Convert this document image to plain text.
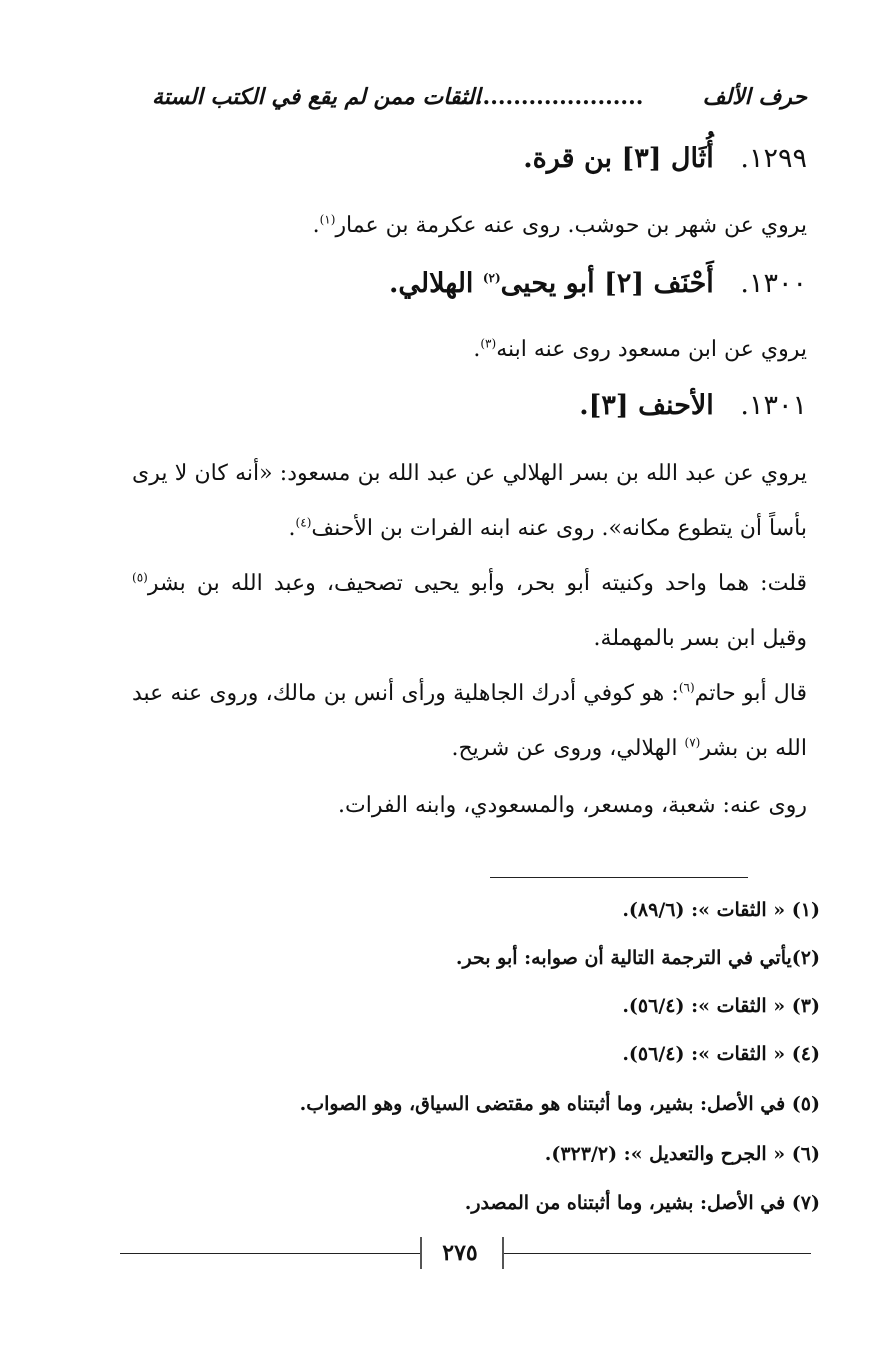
حرف الألف
........................
الثقات ممن لم يقع في الكتب الستة
١٢٩٩. أُثَال [٣] بن قرة.
يروي عن شهر بن حوشب. روى عنه عكرمة بن عمار$^{(١)}$.
١٣٠٠. أَحْنَف [٢] أبو يحيى$^{(٢)}$ الهلالي.
يروي عن ابن مسعود روى عنه ابنه$^{(٣)}$.
١٣٠١. الأحنف [٣].
يروي عن عبد الله بن بسر الهلالي عن عبد الله بن مسعود: «أنه كان لا يرى بأساً أن يتطوع مكانه». روى عنه ابنه الفرات بن الأحنف$^{(٤)}$.
قلت: هما واحد وكنيته أبو بحر، وأبو يحيى تصحيف، وعبد الله بن بشر$^{(٥)}$ وقيل ابن بسر بالمهملة.
قال أبو حاتم$^{(٦)}$: هو كوفي أدرك الجاهلية ورأى أنس بن مالك، وروى عنه عبد الله بن بشر$^{(٧)}$ الهلالي، وروى عن شريح.
روى عنه: شعبة، ومسعر، والمسعودي، وابنه الفرات.
(١) « الثقات »: (٨٩/٦).
(٢)يأتي في الترجمة التالية أن صوابه: أبو بحر.
(٣) « الثقات »: (٥٦/٤).
(٤) « الثقات »: (٥٦/٤).
(٥) في الأصل: بشير، وما أثبتناه هو مقتضى السياق، وهو الصواب.
(٦) « الجرح والتعديل »: (٣٢٣/٢).
(٧) في الأصل: بشير، وما أثبتناه من المصدر.
٢٧٥
